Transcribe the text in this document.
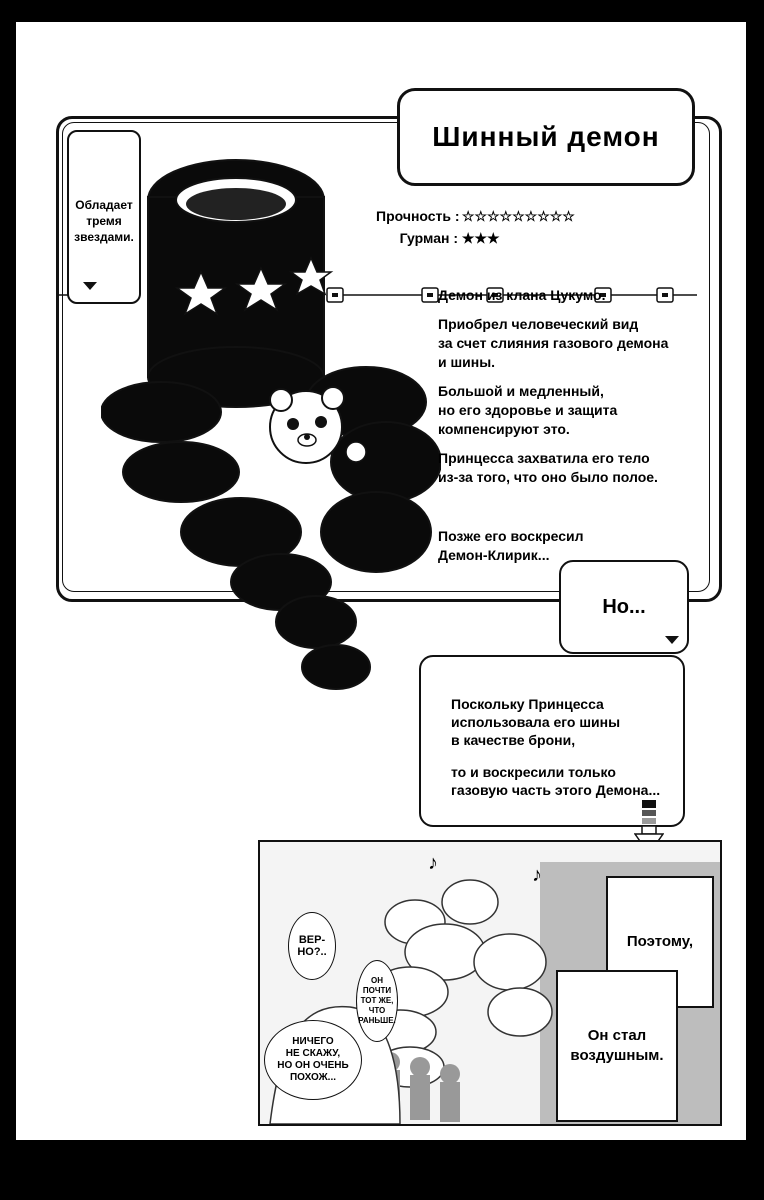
Шинный демон
Обладает
тремя
звездами.
Прочность : ☆☆☆☆☆☆☆☆☆
Гурман : ★★★

Демон из клана Цукумо.

Приобрел человеческий вид
за счет слияния газового демона
и шины.

Большой и медленный,
но его здоровье и защита
компенсируют это.

Принцесса захватила его тело
из-за того, что оно было полое.

Позже его воскресил
Демон-Клирик...

Но...

Поскольку Принцесса
использовала его шины
в качестве брони,

то и воскресили только
газовую часть этого Демона...

♪
♪
Поэтому,
Он стал
воздушным.
ВЕР-
НО?..
ОН
ПОЧТИ
ТОТ ЖЕ,
ЧТО
РАНЬШЕ.
НИЧЕГО
НЕ СКАЖУ,
НО ОН ОЧЕНЬ
ПОХОЖ...
